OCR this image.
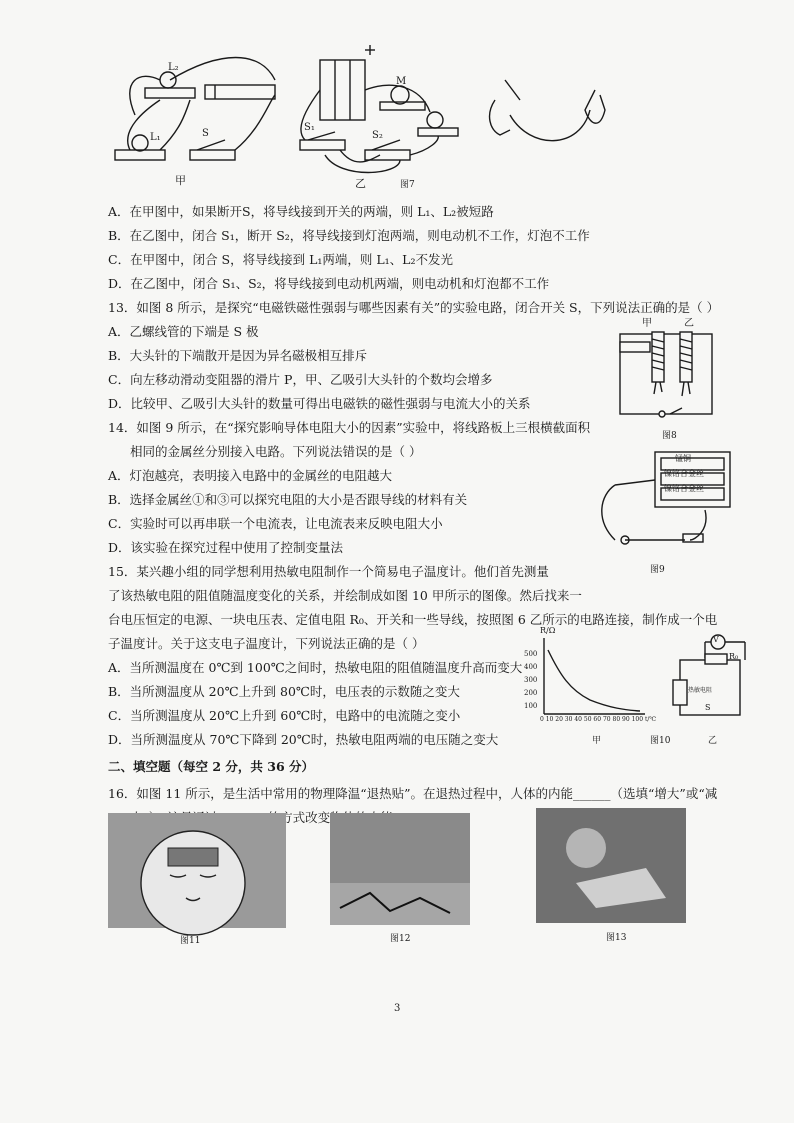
L₂
L₁	S
S₁
S₂
M
甲	乙	图7
A．在甲图中，如果断开S，将导线接到开关的两端，则 L₁、L₂被短路
B．在乙图中，闭合 S₁，断开 S₂，将导线接到灯泡两端，则电动机不工作，灯泡不工作
C．在甲图中，闭合 S，将导线接到 L₁两端，则 L₁、L₂不发光
D．在乙图中，闭合 S₁、S₂，将导线接到电动机两端，则电动机和灯泡都不工作
13．如图 8 所示，是探究“电磁铁磁性强弱与哪些因素有关”的实验电路，闭合开关 S，下列说法正确的是（ ）
A．乙螺线管的下端是 S 极
B．大头针的下端散开是因为异名磁极相互排斥
C．向左移动滑动变阻器的滑片 P，甲、乙吸引大头针的个数均会增多
D．比较甲、乙吸引大头针的数量可得出电磁铁的磁性强弱与电流大小的关系
甲	乙
图8
14．如图 9 所示，在“探究影响导体电阻大小的因素”实验中，将线路板上三根横截面积
相同的金属丝分别接入电路。下列说法错误的是（ ）
A．灯泡越亮，表明接入电路中的金属丝的电阻越大
B．选择金属丝①和③可以探究电阻的大小是否跟导线的材料有关
C．实验时可以再串联一个电流表，让电流表来反映电阻大小
D．该实验在探究过程中使用了控制变量法
锰铜
镍铬合金丝
镍铬合金丝
图9
15．某兴趣小组的同学想利用热敏电阻制作一个简易电子温度计。他们首先测量
了该热敏电阻的阻值随温度变化的关系，并绘制成如图 10 甲所示的图像。然后找来一
台电压恒定的电源、一块电压表、定值电阻 R₀、开关和一些导线，按照图 6 乙所示的电路连接，制作成一个电
子温度计。关于这支电子温度计，下列说法正确的是（ ）
A．当所测温度在 0℃到 100℃之间时，热敏电阻的阻值随温度升高而变大
B．当所测温度从 20℃上升到 80℃时，电压表的示数随之变大
C．当所测温度从 20℃上升到 60℃时，电路中的电流随之变小
D．当所测温度从 70℃下降到 20℃时，热敏电阻两端的电压随之变大
R/Ω
500
400
300
200
100
0 10 20 30 40 50 60 70 80 90 100 t/℃
V
R₀
热敏电阻
S
甲	图10	乙
二、填空题（每空 2 分，共 36 分）
16．如图 11 所示，是生活中常用的物理降温“退热贴”。在退热过程中，人体的内能______（选填“增大”或“减
图11	图12	图13
3
